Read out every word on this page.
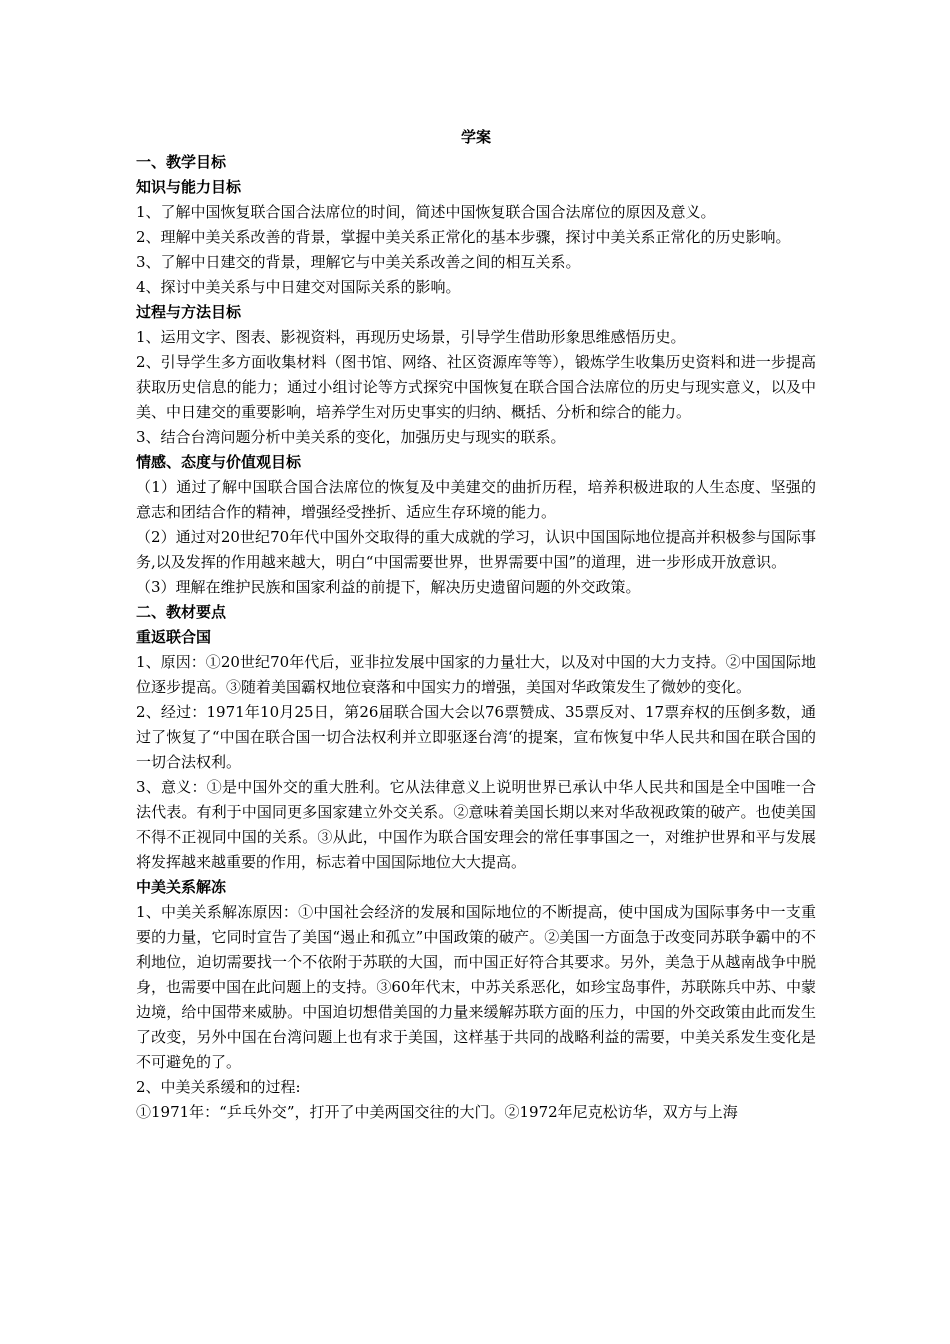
学案
一、教学目标
知识与能力目标
1、了解中国恢复联合国合法席位的时间，简述中国恢复联合国合法席位的原因及意义。
2、理解中美关系改善的背景，掌握中美关系正常化的基本步骤，探讨中美关系正常化的历史影响。
3、了解中日建交的背景，理解它与中美关系改善之间的相互关系。
4、探讨中美关系与中日建交对国际关系的影响。
过程与方法目标
1、运用文字、图表、影视资料，再现历史场景，引导学生借助形象思维感悟历史。
2、引导学生多方面收集材料（图书馆、网络、社区资源库等等），锻炼学生收集历史资料和进一步提高获取历史信息的能力；通过小组讨论等方式探究中国恢复在联合国合法席位的历史与现实意义，以及中美、中日建交的重要影响，培养学生对历史事实的归纳、概括、分析和综合的能力。
3、结合台湾问题分析中美关系的变化，加强历史与现实的联系。
情感、态度与价值观目标
（1）通过了解中国联合国合法席位的恢复及中美建交的曲折历程，培养积极进取的人生态度、坚强的意志和团结合作的精神，增强经受挫折、适应生存环境的能力。
（2）通过对20世纪70年代中国外交取得的重大成就的学习，认识中国国际地位提高并积极参与国际事务,以及发挥的作用越来越大，明白“中国需要世界，世界需要中国”的道理，进一步形成开放意识。
（3）理解在维护民族和国家利益的前提下，解决历史遗留问题的外交政策。
二、教材要点
重返联合国
1、原因：①20世纪70年代后，亚非拉发展中国家的力量壮大，以及对中国的大力支持。②中国国际地位逐步提高。③随着美国霸权地位衰落和中国实力的增强，美国对华政策发生了微妙的变化。
2、经过：1971年10月25日，第26届联合国大会以76票赞成、35票反对、17票弃权的压倒多数，通过了恢复了“中国在联合国一切合法权利并立即驱逐台湾‘的提案，宣布恢复中华人民共和国在联合国的一切合法权利。
3、意义：①是中国外交的重大胜利。它从法律意义上说明世界已承认中华人民共和国是全中国唯一合法代表。有利于中国同更多国家建立外交关系。②意味着美国长期以来对华敌视政策的破产。也使美国不得不正视同中国的关系。③从此，中国作为联合国安理会的常任事事国之一，对维护世界和平与发展将发挥越来越重要的作用，标志着中国国际地位大大提高。
中美关系解冻
1、中美关系解冻原因：①中国社会经济的发展和国际地位的不断提高，使中国成为国际事务中一支重要的力量，它同时宣告了美国“遏止和孤立”中国政策的破产。②美国一方面急于改变同苏联争霸中的不利地位，迫切需要找一个不依附于苏联的大国，而中国正好符合其要求。另外，美急于从越南战争中脱身，也需要中国在此问题上的支持。③60年代末，中苏关系恶化，如珍宝岛事件，苏联陈兵中苏、中蒙边境，给中国带来威胁。中国迫切想借美国的力量来缓解苏联方面的压力，中国的外交政策由此而发生了改变，另外中国在台湾问题上也有求于美国，这样基于共同的战略利益的需要，中美关系发生变化是不可避免的了。
2、中美关系缓和的过程:
①1971年：“乒乓外交”，打开了中美两国交往的大门。②1972年尼克松访华，双方与上海
